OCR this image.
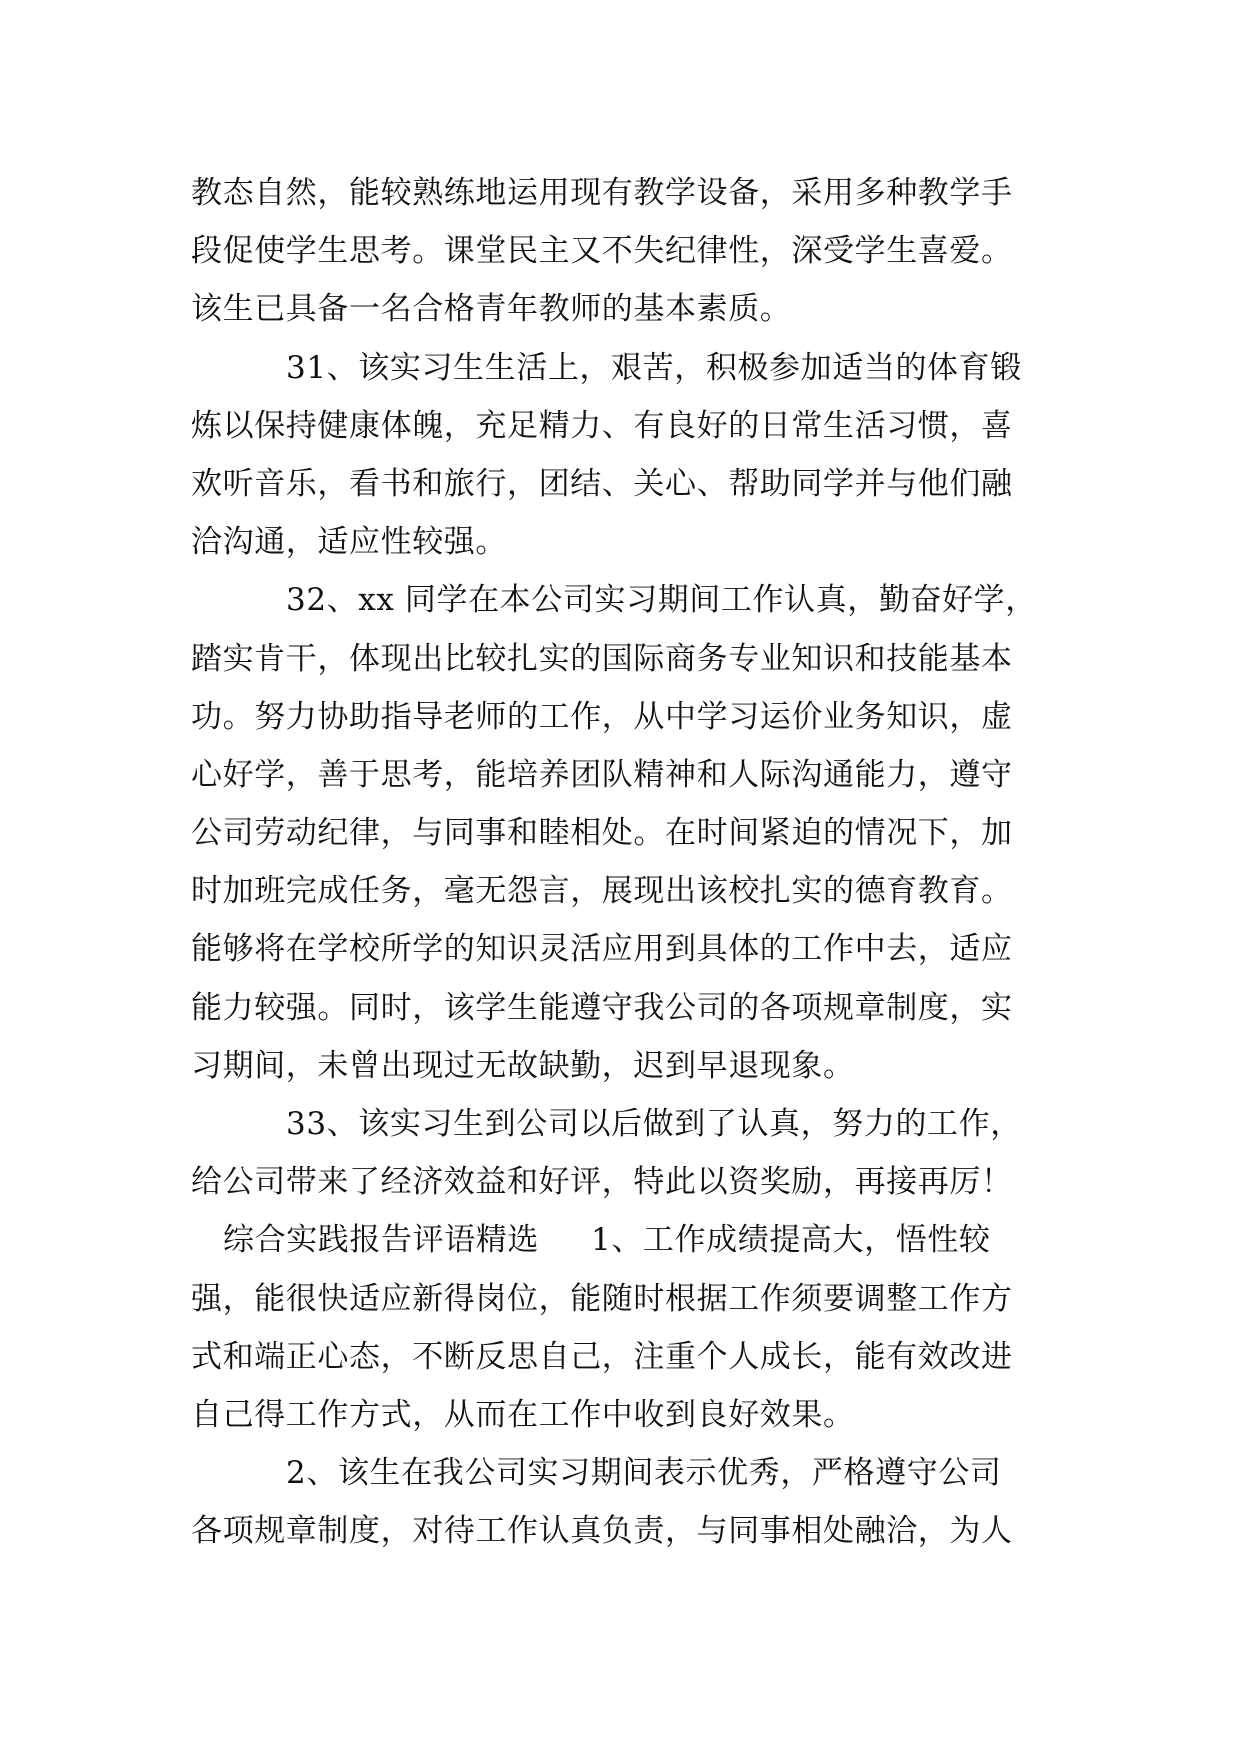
教态自然，能较熟练地运用现有教学设备，采用多种教学手
段促使学生思考。课堂民主又不失纪律性，深受学生喜爱。
该生已具备一名合格青年教师的基本素质。
31、该实习生生活上，艰苦，积极参加适当的体育锻
炼以保持健康体魄，充足精力、有良好的日常生活习惯，喜
欢听音乐，看书和旅行，团结、关心、帮助同学并与他们融
洽沟通，适应性较强。
32、xx 同学在本公司实习期间工作认真，勤奋好学，
踏实肯干，体现出比较扎实的国际商务专业知识和技能基本
功。努力协助指导老师的工作，从中学习运价业务知识，虚
心好学，善于思考，能培养团队精神和人际沟通能力，遵守
公司劳动纪律，与同事和睦相处。在时间紧迫的情况下，加
时加班完成任务，毫无怨言，展现出该校扎实的德育教育。
能够将在学校所学的知识灵活应用到具体的工作中去，适应
能力较强。同时，该学生能遵守我公司的各项规章制度，实
习期间，未曾出现过无故缺勤，迟到早退现象。
33、该实习生到公司以后做到了认真，努力的工作，
给公司带来了经济效益和好评，特此以资奖励，再接再厉！
综合实践报告评语精选 1、工作成绩提高大，悟性较
强，能很快适应新得岗位，能随时根据工作须要调整工作方
式和端正心态，不断反思自己，注重个人成长，能有效改进
自己得工作方式，从而在工作中收到良好效果。
2、该生在我公司实习期间表示优秀，严格遵守公司
各项规章制度，对待工作认真负责，与同事相处融洽，为人
